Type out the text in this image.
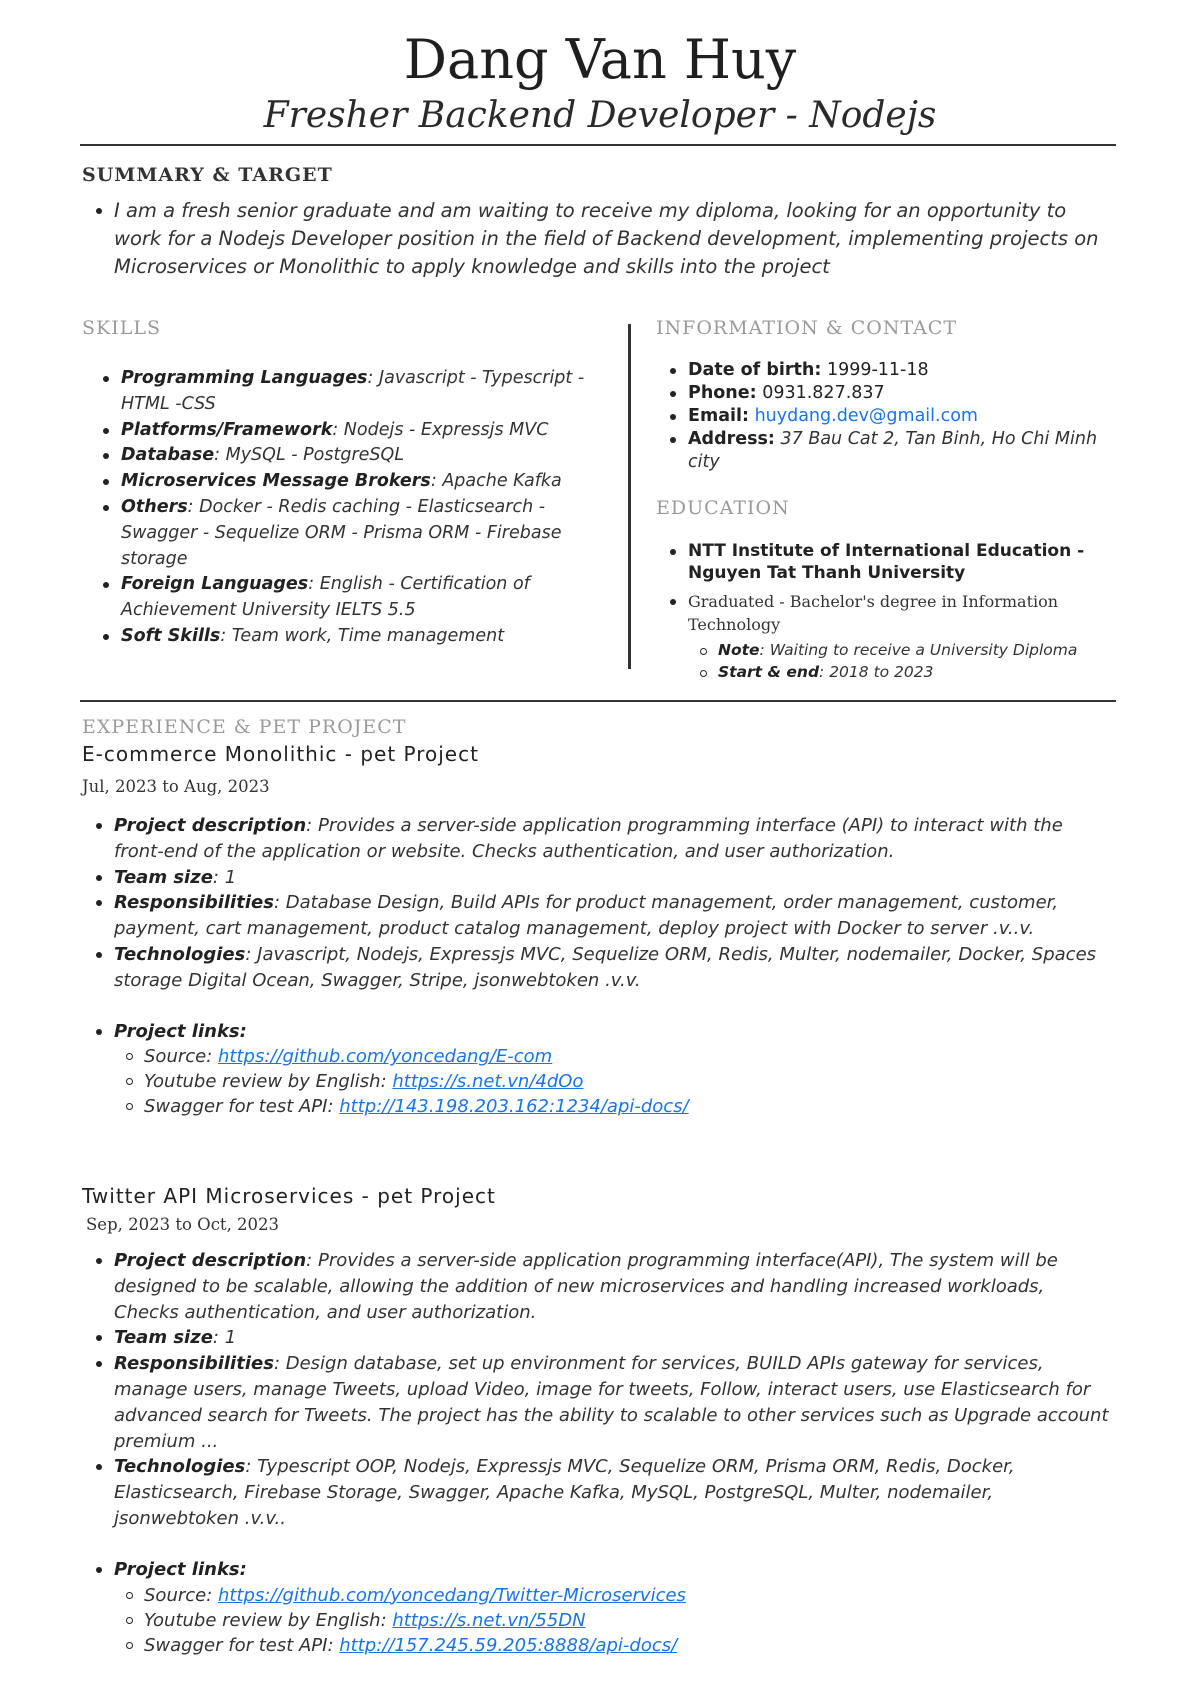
Dang Van Huy
Fresher Backend Developer - Nodejs
SUMMARY & TARGET
I am a fresh senior graduate and am waiting to receive my diploma, looking for an opportunity to work for a Nodejs Developer position in the field of Backend development, implementing projects on Microservices or Monolithic to apply knowledge and skills into the project
SKILLS
Programming Languages: Javascript - Typescript - HTML -CSS
Platforms/Framework: Nodejs - Expressjs MVC
Database: MySQL - PostgreSQL
Microservices Message Brokers: Apache Kafka
Others: Docker - Redis caching - Elasticsearch - Swagger - Sequelize ORM - Prisma ORM - Firebase storage
Foreign Languages: English - Certification of Achievement University IELTS 5.5
Soft Skills: Team work, Time management
INFORMATION & CONTACT
Date of birth: 1999-11-18
Phone: 0931.827.837
Email: huydang.dev@gmail.com
Address: 37 Bau Cat 2, Tan Binh, Ho Chi Minh city
EDUCATION
NTT Institute of International Education - Nguyen Tat Thanh University
Graduated - Bachelor's degree in Information Technology
Note: Waiting to receive a University Diploma
Start & end: 2018 to 2023
EXPERIENCE & PET PROJECT
E-commerce Monolithic - pet Project
Jul, 2023 to Aug, 2023
Project description: Provides a server-side application programming interface (API) to interact with the front-end of the application or website. Checks authentication, and user authorization.
Team size: 1
Responsibilities: Database Design, Build APIs for product management, order management, customer, payment, cart management, product catalog management, deploy project with Docker to server .v..v.
Technologies: Javascript, Nodejs, Expressjs MVC, Sequelize ORM, Redis, Multer, nodemailer, Docker, Spaces storage Digital Ocean, Swagger, Stripe, jsonwebtoken .v.v.
Project links:
Source: https://github.com/yoncedang/E-com
Youtube review by English: https://s.net.vn/4dOo
Swagger for test API: http://143.198.203.162:1234/api-docs/
Twitter API Microservices - pet Project
Sep, 2023 to Oct, 2023
Project description: Provides a server-side application programming interface(API), The system will be designed to be scalable, allowing the addition of new microservices and handling increased workloads, Checks authentication, and user authorization.
Team size: 1
Responsibilities: Design database, set up environment for services, BUILD APIs gateway for services, manage users, manage Tweets, upload Video, image for tweets, Follow, interact users, use Elasticsearch for advanced search for Tweets. The project has the ability to scalable to other services such as Upgrade account premium ...
Technologies: Typescript OOP, Nodejs, Expressjs MVC, Sequelize ORM, Prisma ORM, Redis, Docker, Elasticsearch, Firebase Storage, Swagger, Apache Kafka, MySQL, PostgreSQL, Multer, nodemailer, jsonwebtoken .v.v..
Project links:
Source: https://github.com/yoncedang/Twitter-Microservices
Youtube review by English: https://s.net.vn/55DN
Swagger for test API: http://157.245.59.205:8888/api-docs/
